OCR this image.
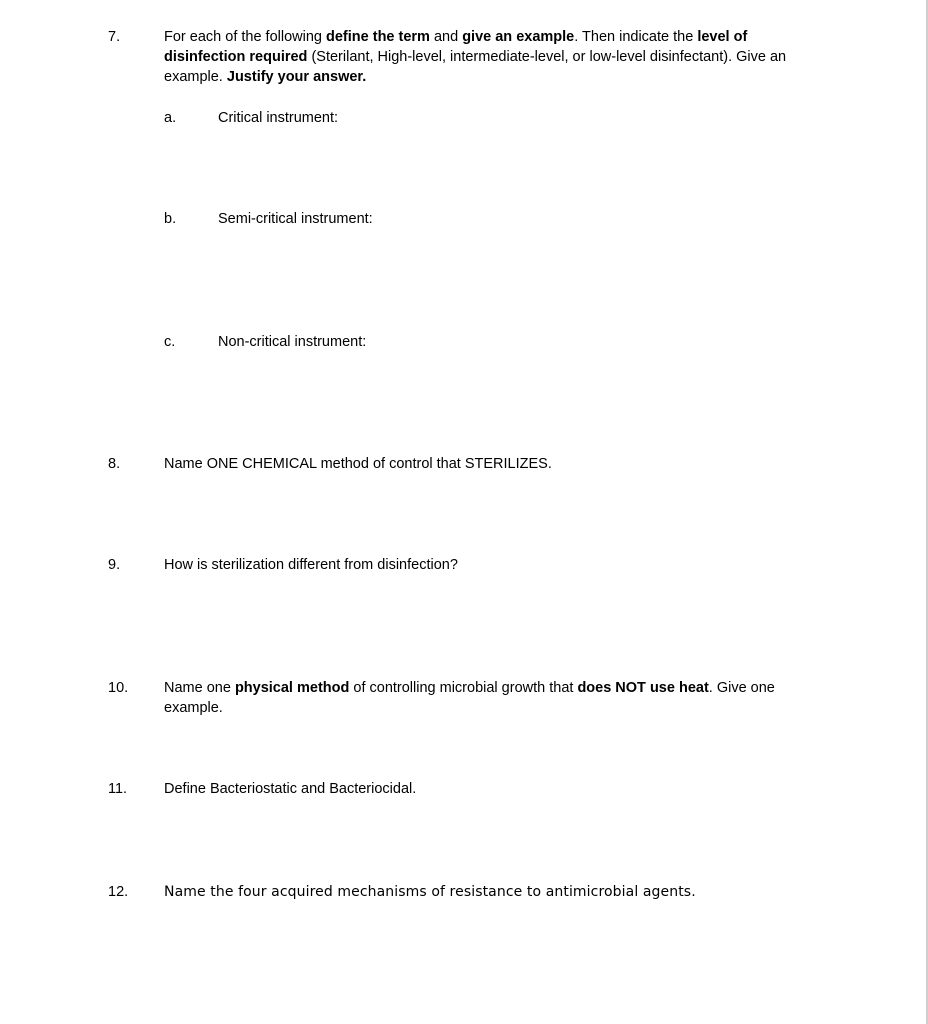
7.	For each of the following define the term and give an example. Then indicate the level of disinfection required (Sterilant, High-level, intermediate-level, or low-level disinfectant). Give an example. Justify your answer.

a.	Critical instrument:
b.	Semi-critical instrument:
c.	Non-critical instrument:
8.	Name ONE CHEMICAL method of control that STERILIZES.

9.	How is sterilization different from disinfection?

10. Name one physical method of controlling microbial growth that does NOT use heat. Give one example.

11.	Define Bacteriostatic and Bacteriocidal.

12.	Name the four acquired mechanisms of resistance to antimicrobial agents.
